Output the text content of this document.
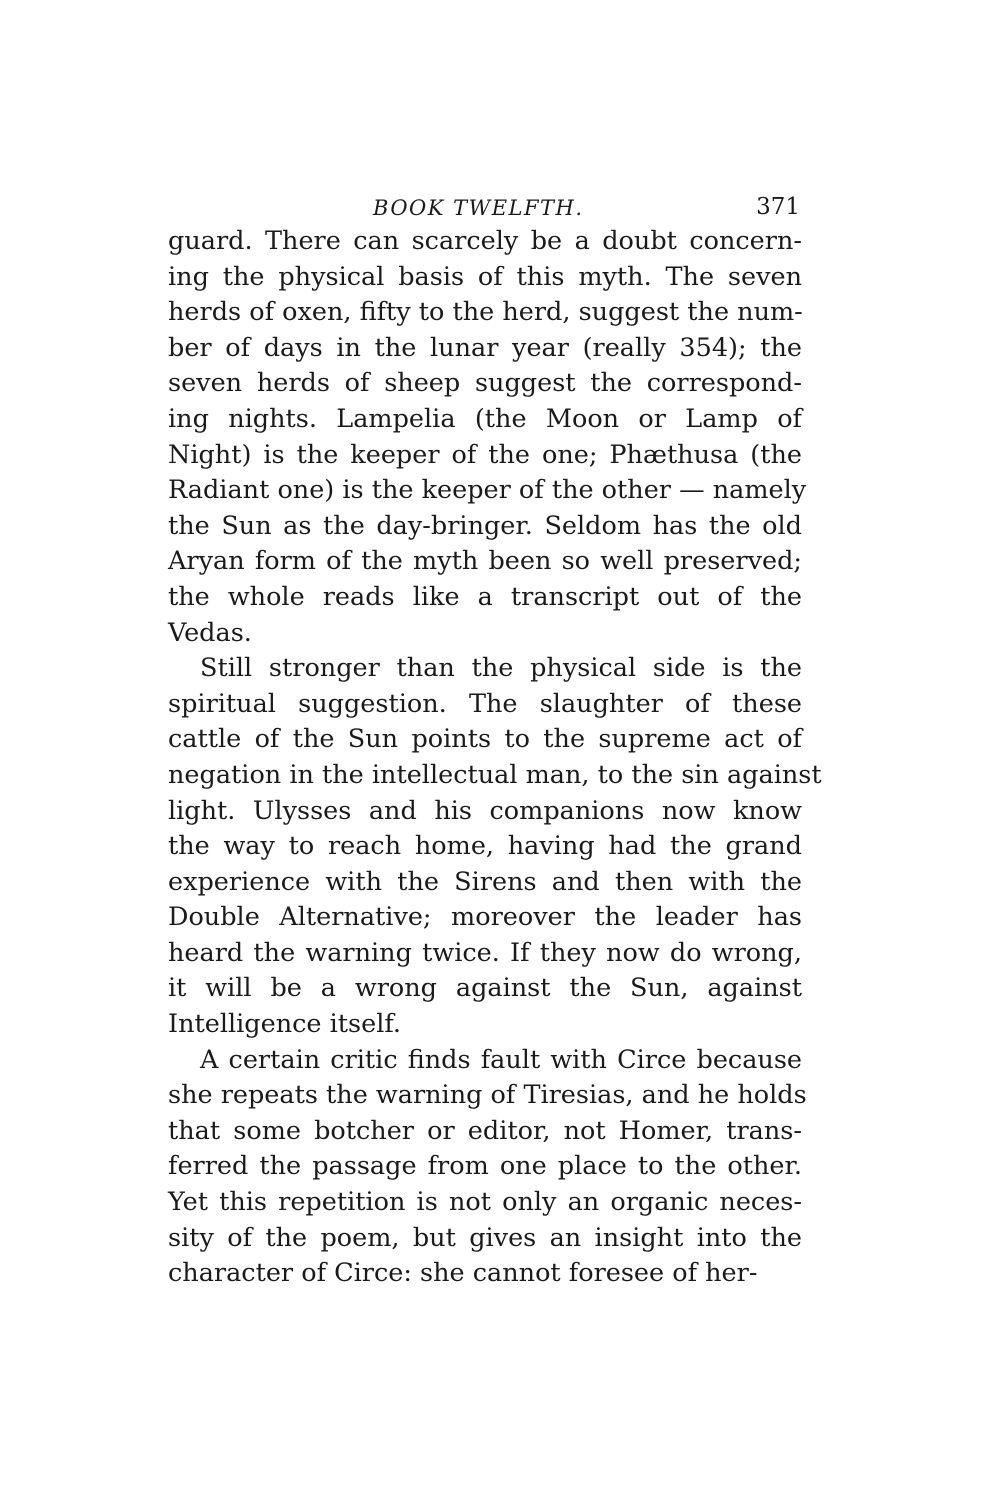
BOOK TWELFTH.	371
guard. There can scarcely be a doubt concern-
ing the physical basis of this myth. The seven
herds of oxen, fifty to the herd, suggest the num-
ber of days in the lunar year (really 354); the
seven herds of sheep suggest the correspond-
ing nights. Lampelia (the Moon or Lamp of
Night) is the keeper of the one; Phæthusa (the
Radiant one) is the keeper of the other — namely
the Sun as the day-bringer. Seldom has the old
Aryan form of the myth been so well preserved;
the whole reads like a transcript out of the
Vedas.
Still stronger than the physical side is the
spiritual suggestion. The slaughter of these
cattle of the Sun points to the supreme act of
negation in the intellectual man, to the sin against
light. Ulysses and his companions now know
the way to reach home, having had the grand
experience with the Sirens and then with the
Double Alternative; moreover the leader has
heard the warning twice. If they now do wrong,
it will be a wrong against the Sun, against
Intelligence itself.
A certain critic finds fault with Circe because
she repeats the warning of Tiresias, and he holds
that some botcher or editor, not Homer, trans-
ferred the passage from one place to the other.
Yet this repetition is not only an organic neces-
sity of the poem, but gives an insight into the
character of Circe: she cannot foresee of her-
